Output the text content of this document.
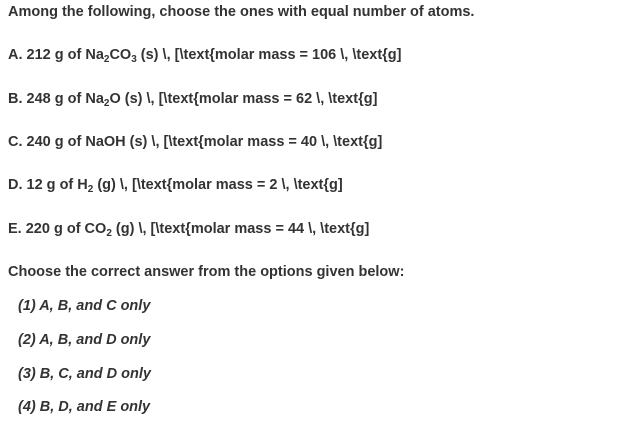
Among the following, choose the ones with equal number of atoms.
A. 212 g of $Na_2CO_3$ (s) \, [\text{molar mass = 106 \, \text{g]
B. 248 g of $Na_2O$ (s) \, [\text{molar mass = 62 \, \text{g]
C. 240 g of NaOH (s) \, [\text{molar mass = 40 \, \text{g]
D. 12 g of $H_2$ (g) \, [\text{molar mass = 2 \, \text{g]
E. 220 g of $CO_2$ (g) \, [\text{molar mass = 44 \, \text{g]
Choose the correct answer from the options given below:
(1) A, B, and C only
(2) A, B, and D only
(3) B, C, and D only
(4) B, D, and E only
